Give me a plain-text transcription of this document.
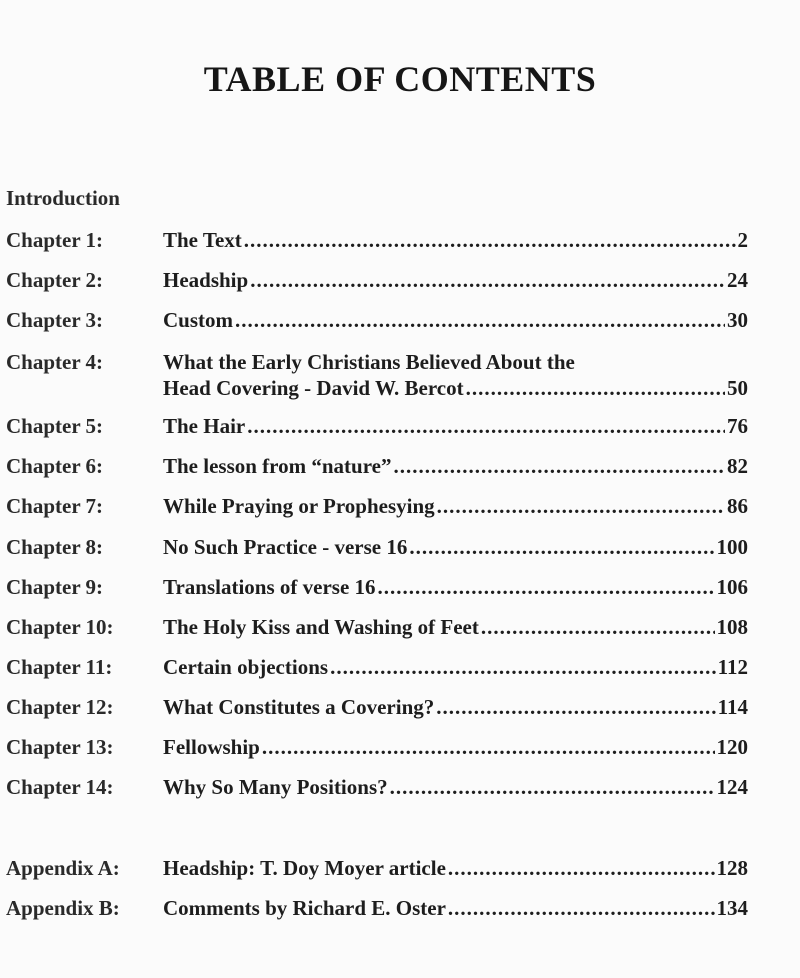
TABLE OF CONTENTS
Introduction
Chapter 1:	The Text .....	2
Chapter 2:	Headship .....	24
Chapter 3:	Custom .....	30
Chapter 4:	What the Early Christians Believed About the
Head Covering - David W. Bercot .....	50
Chapter 5:	The Hair .....	76
Chapter 6:	The lesson from “nature” .....	82
Chapter 7:	While Praying or Prophesying .....	86
Chapter 8:	No Such Practice - verse 16 .....	100
Chapter 9:	Translations of verse 16 .....	106
Chapter 10: The Holy Kiss and Washing of Feet .....	108
Chapter 11: Certain objections .....	112
Chapter 12: What Constitutes a Covering? .....	114
Chapter 13: Fellowship .....	120
Chapter 14: Why So Many Positions? .....	124
Appendix A: Headship: T. Doy Moyer article .....	128
Appendix B: Comments by Richard E. Oster .....	134
